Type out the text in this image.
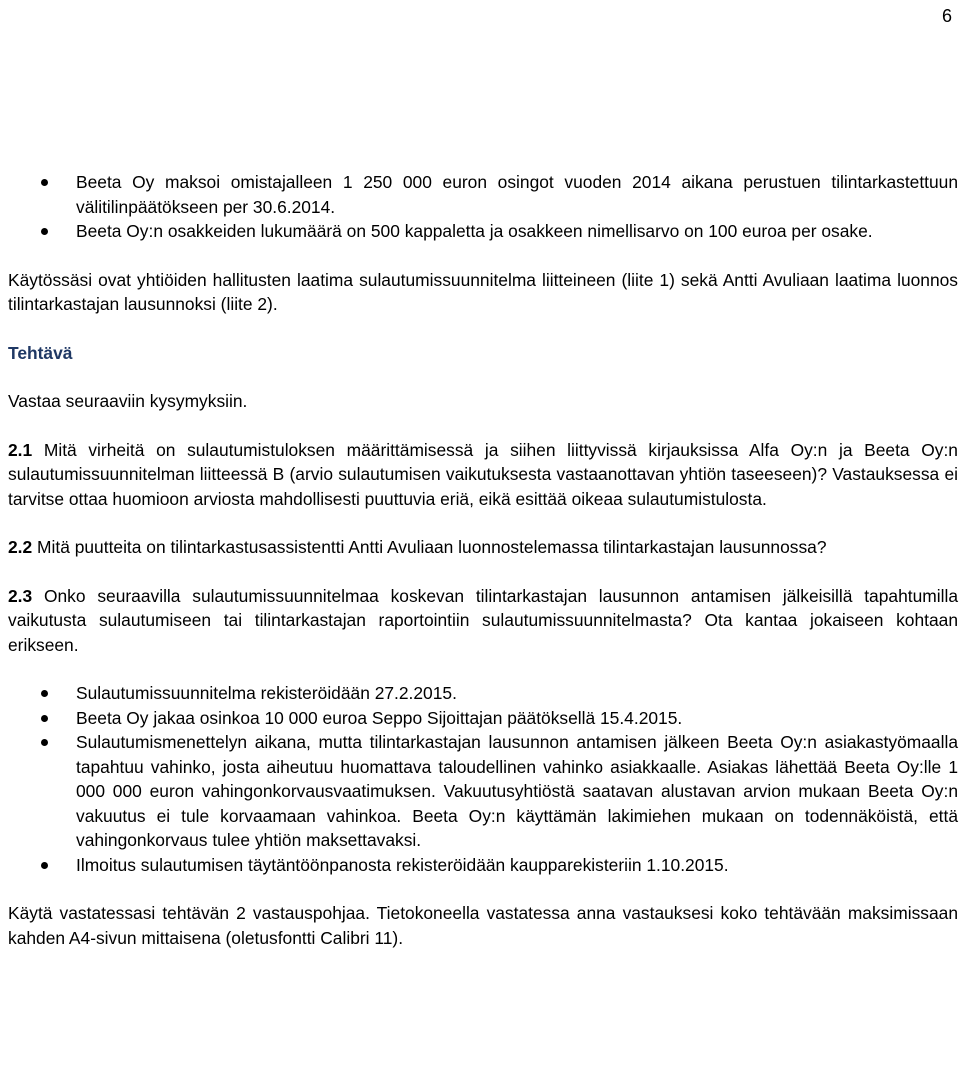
6
Beeta Oy maksoi omistajalleen 1 250 000 euron osingot vuoden 2014 aikana perustuen tilintarkastettuun välitilinpäätökseen per 30.6.2014.
Beeta Oy:n osakkeiden lukumäärä on 500 kappaletta ja osakkeen nimellisarvo on 100 euroa per osake.

Käytössäsi ovat yhtiöiden hallitusten laatima sulautumissuunnitelma liitteineen (liite 1) sekä Antti Avuliaan laatima luonnos tilintarkastajan lausunnoksi (liite 2).

Tehtävä

Vastaa seuraaviin kysymyksiin.

2.1 Mitä virheitä on sulautumistuloksen määrittämisessä ja siihen liittyvissä kirjauksissa Alfa Oy:n ja Beeta Oy:n sulautumissuunnitelman liitteessä B (arvio sulautumisen vaikutuksesta vastaanottavan yhtiön taseeseen)? Vastauksessa ei tarvitse ottaa huomioon arviosta mahdollisesti puuttuvia eriä, eikä esittää oikeaa sulautumistulosta.

2.2 Mitä puutteita on tilintarkastusassistentti Antti Avuliaan luonnostelemassa tilintarkastajan lausunnossa?

2.3 Onko seuraavilla sulautumissuunnitelmaa koskevan tilintarkastajan lausunnon antamisen jälkeisillä tapahtumilla vaikutusta sulautumiseen tai tilintarkastajan raportointiin sulautumissuunnitelmasta? Ota kantaa jokaiseen kohtaan erikseen.

Sulautumissuunnitelma rekisteröidään 27.2.2015.
Beeta Oy jakaa osinkoa 10 000 euroa Seppo Sijoittajan päätöksellä 15.4.2015.
Sulautumismenettelyn aikana, mutta tilintarkastajan lausunnon antamisen jälkeen Beeta Oy:n asiakastyömaalla tapahtuu vahinko, josta aiheutuu huomattava taloudellinen vahinko asiakkaalle. Asiakas lähettää Beeta Oy:lle 1 000 000 euron vahingonkorvausvaatimuksen. Vakuutusyhtiöstä saatavan alustavan arvion mukaan Beeta Oy:n vakuutus ei tule korvaamaan vahinkoa. Beeta Oy:n käyttämän lakimiehen mukaan on todennäköistä, että vahingonkorvaus tulee yhtiön maksettavaksi.
Ilmoitus sulautumisen täytäntöönpanosta rekisteröidään kaupparekisteriin 1.10.2015.

Käytä vastatessasi tehtävän 2 vastauspohjaa. Tietokoneella vastatessa anna vastauksesi koko tehtävään maksimissaan kahden A4-sivun mittaisena (oletusfontti Calibri 11).
